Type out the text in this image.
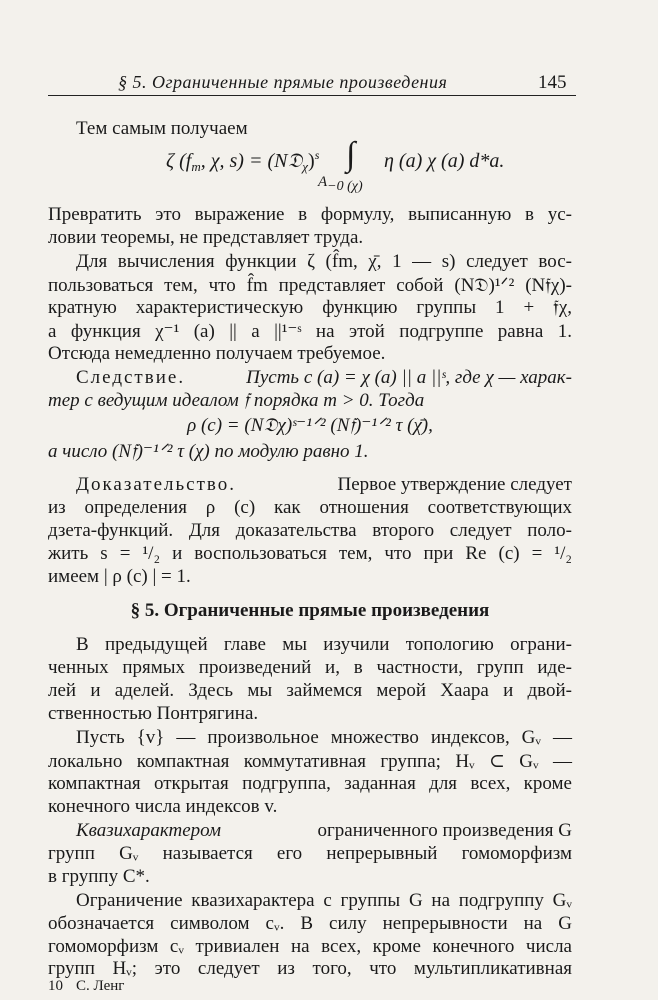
§ 5. Ограниченные прямые произведения	145
Тем самым получаем
ζ ($f_m$, χ, s) = (N𝔇$_\chi$)$^s$ ∫ η (a) χ (a) d*a.
A−0 (χ)
Превратить это выражение в формулу, выписанную в ус-
ловии теоремы, не представляет труда.
Для вычисления функции ζ (f̂m, χ̄, 1 — s) следует вос-
пользоваться тем, что f̂m представляет собой (N𝔇)¹ᐟ² (N𝔣χ)-
кратную характеристическую функцию группы 1 + 𝔣χ,
а функция χ⁻¹ (a) || a ||¹⁻ˢ на этой подгруппе равна 1.
Отсюда немедленно получаем требуемое.
Следствие.	Пусть c (a) = χ (a) || a ||ˢ, где χ — харак-
тер с ведущим идеалом 𝔣 порядка m > 0. Тогда
ρ (c) = (N𝔇χ)ˢ⁻¹ᐟ² (N𝔣)⁻¹ᐟ² τ (χ̄),
а число (N𝔣)⁻¹ᐟ² τ (χ) по модулю равно 1.
Доказательство.	Первое утверждение следует
из определения ρ (c) как отношения соответствующих
дзета-функций. Для доказательства второго следует поло-
жить s = ¹/₂ и воспользоваться тем, что при Re (c) = ¹/₂
имеем | ρ (c) | = 1.
§ 5. Ограниченные прямые произведения
В предыдущей главе мы изучили топологию ограни-
ченных прямых произведений и, в частности, групп иде-
лей и аделей. Здесь мы займемся мерой Хаара и двой-
ственностью Понтрягина.
Пусть {v} — произвольное множество индексов, Gᵥ —
локально компактная коммутативная группа; Hᵥ ⊂ Gᵥ —
компактная открытая подгруппа, заданная для всех, кроме
конечного числа индексов v.
Квазихарактером	ограниченного произведения G
групп Gᵥ называется его непрерывный гомоморфизм
в группу C*.
Ограничение квазихарактера c группы G на подгруппу Gᵥ
обозначается символом cᵥ. В силу непрерывности на G
гомоморфизм cᵥ тривиален на всех, кроме конечного числа
групп Hᵥ; это следует из того, что мультипликативная
10 С. Ленг
